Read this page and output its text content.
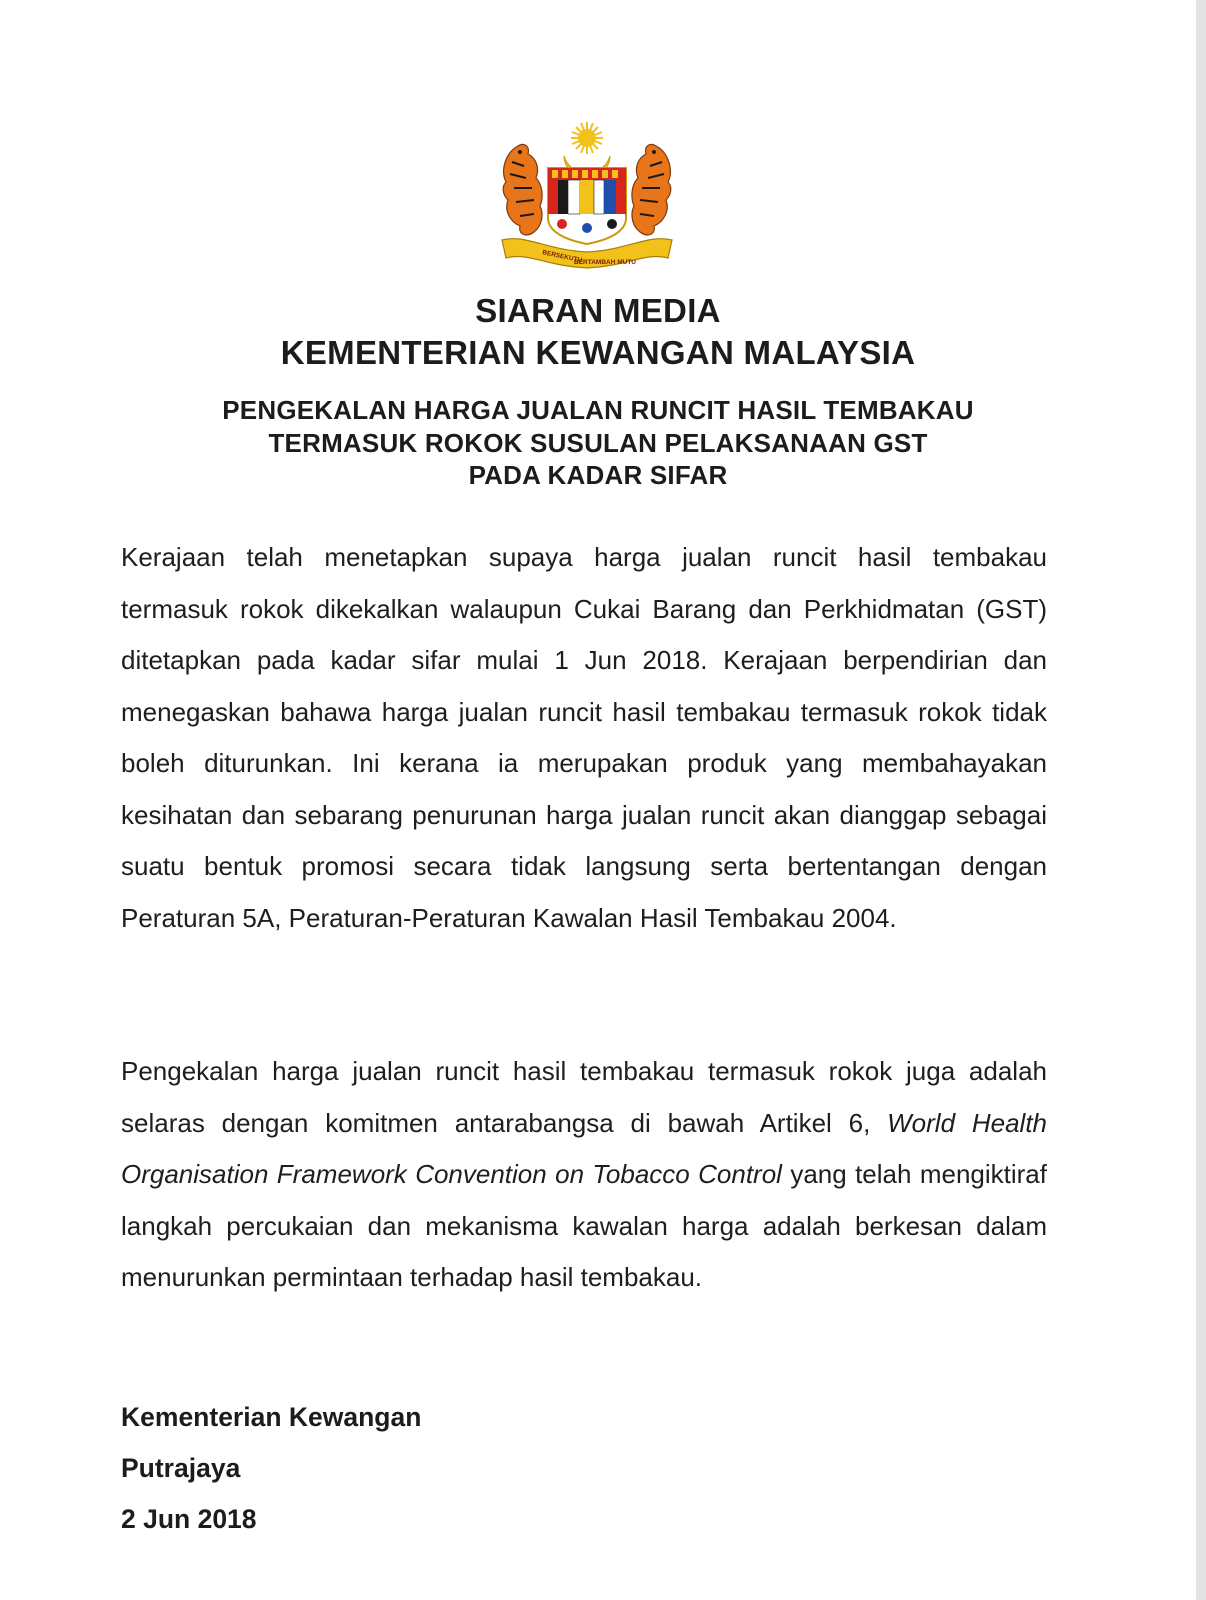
BERSEKUTU
BERTAMBAH MUTU
SIARAN MEDIA
KEMENTERIAN KEWANGAN MALAYSIA
PENGEKALAN HARGA JUALAN RUNCIT HASIL TEMBAKAU
TERMASUK ROKOK SUSULAN PELAKSANAAN GST
PADA KADAR SIFAR

Kerajaan telah menetapkan supaya harga jualan runcit hasil tembakau termasuk rokok dikekalkan walaupun Cukai Barang dan Perkhidmatan (GST) ditetapkan pada kadar sifar mulai 1 Jun 2018. Kerajaan berpendirian dan menegaskan bahawa harga jualan runcit hasil tembakau termasuk rokok tidak boleh diturunkan. Ini kerana ia merupakan produk yang membahayakan kesihatan dan sebarang penurunan harga jualan runcit akan dianggap sebagai suatu bentuk promosi secara tidak langsung serta bertentangan dengan Peraturan 5A, Peraturan-Peraturan Kawalan Hasil Tembakau 2004.

Pengekalan harga jualan runcit hasil tembakau termasuk rokok juga adalah selaras dengan komitmen antarabangsa di bawah Artikel 6, World Health Organisation Framework Convention on Tobacco Control yang telah mengiktiraf langkah percukaian dan mekanisma kawalan harga adalah berkesan dalam menurunkan permintaan terhadap hasil tembakau.

Kementerian Kewangan
Putrajaya
2 Jun 2018
